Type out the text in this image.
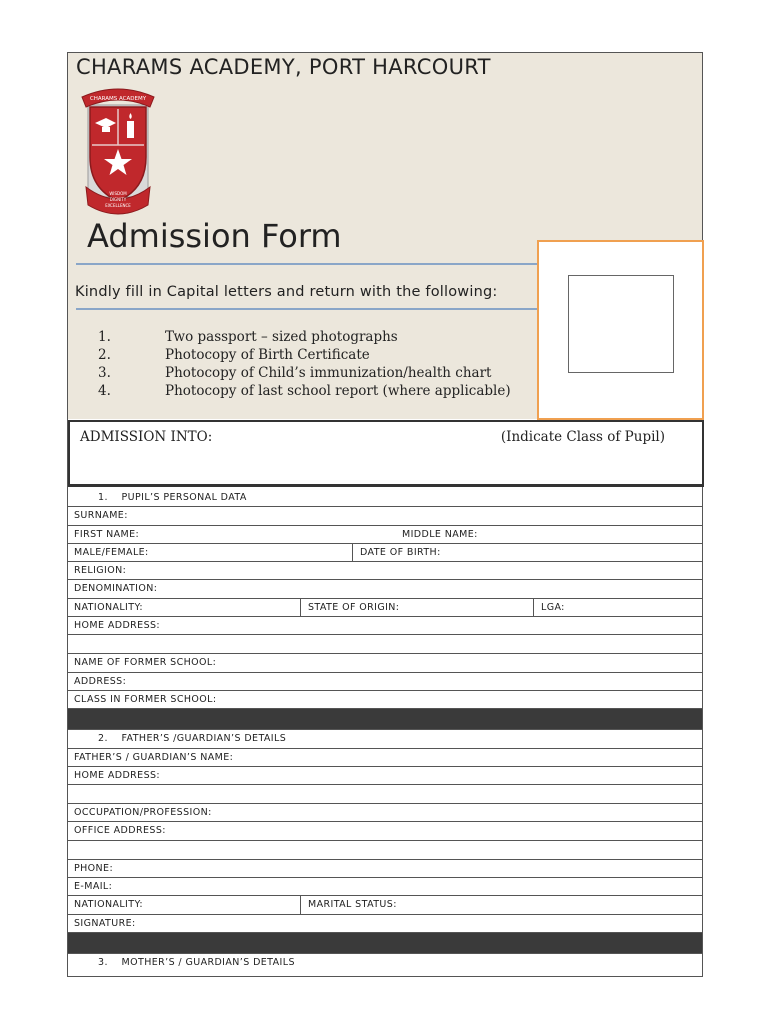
CHARAMS ACADEMY, PORT HARCOURT
CHARAMS ACADEMY
WISDOM
DIGNITY
EXCELLENCE
Admission Form
Kindly fill in Capital letters and return with the following:
1.	Two passport – sized photographs
2.	Photocopy of Birth Certificate
3.	Photocopy of Child’s immunization/health chart
4.	Photocopy of last school report (where applicable)
ADMISSION INTO:	(Indicate Class of Pupil)
1.    PUPIL’S PERSONAL DATA
SURNAME:
FIRST NAME:	MIDDLE NAME:
MALE/FEMALE:	DATE OF BIRTH:
RELIGION:
DENOMINATION:
NATIONALITY:	STATE OF ORIGIN:	LGA:
HOME ADDRESS:
NAME OF FORMER SCHOOL:
ADDRESS:
CLASS IN FORMER SCHOOL:
2.    FATHER’S /GUARDIAN’S DETAILS
FATHER’S / GUARDIAN’S NAME:
HOME ADDRESS:
OCCUPATION/PROFESSION:
OFFICE ADDRESS:
PHONE:
E-MAIL:
NATIONALITY:	MARITAL STATUS:
SIGNATURE:
3.    MOTHER’S / GUARDIAN’S DETAILS
